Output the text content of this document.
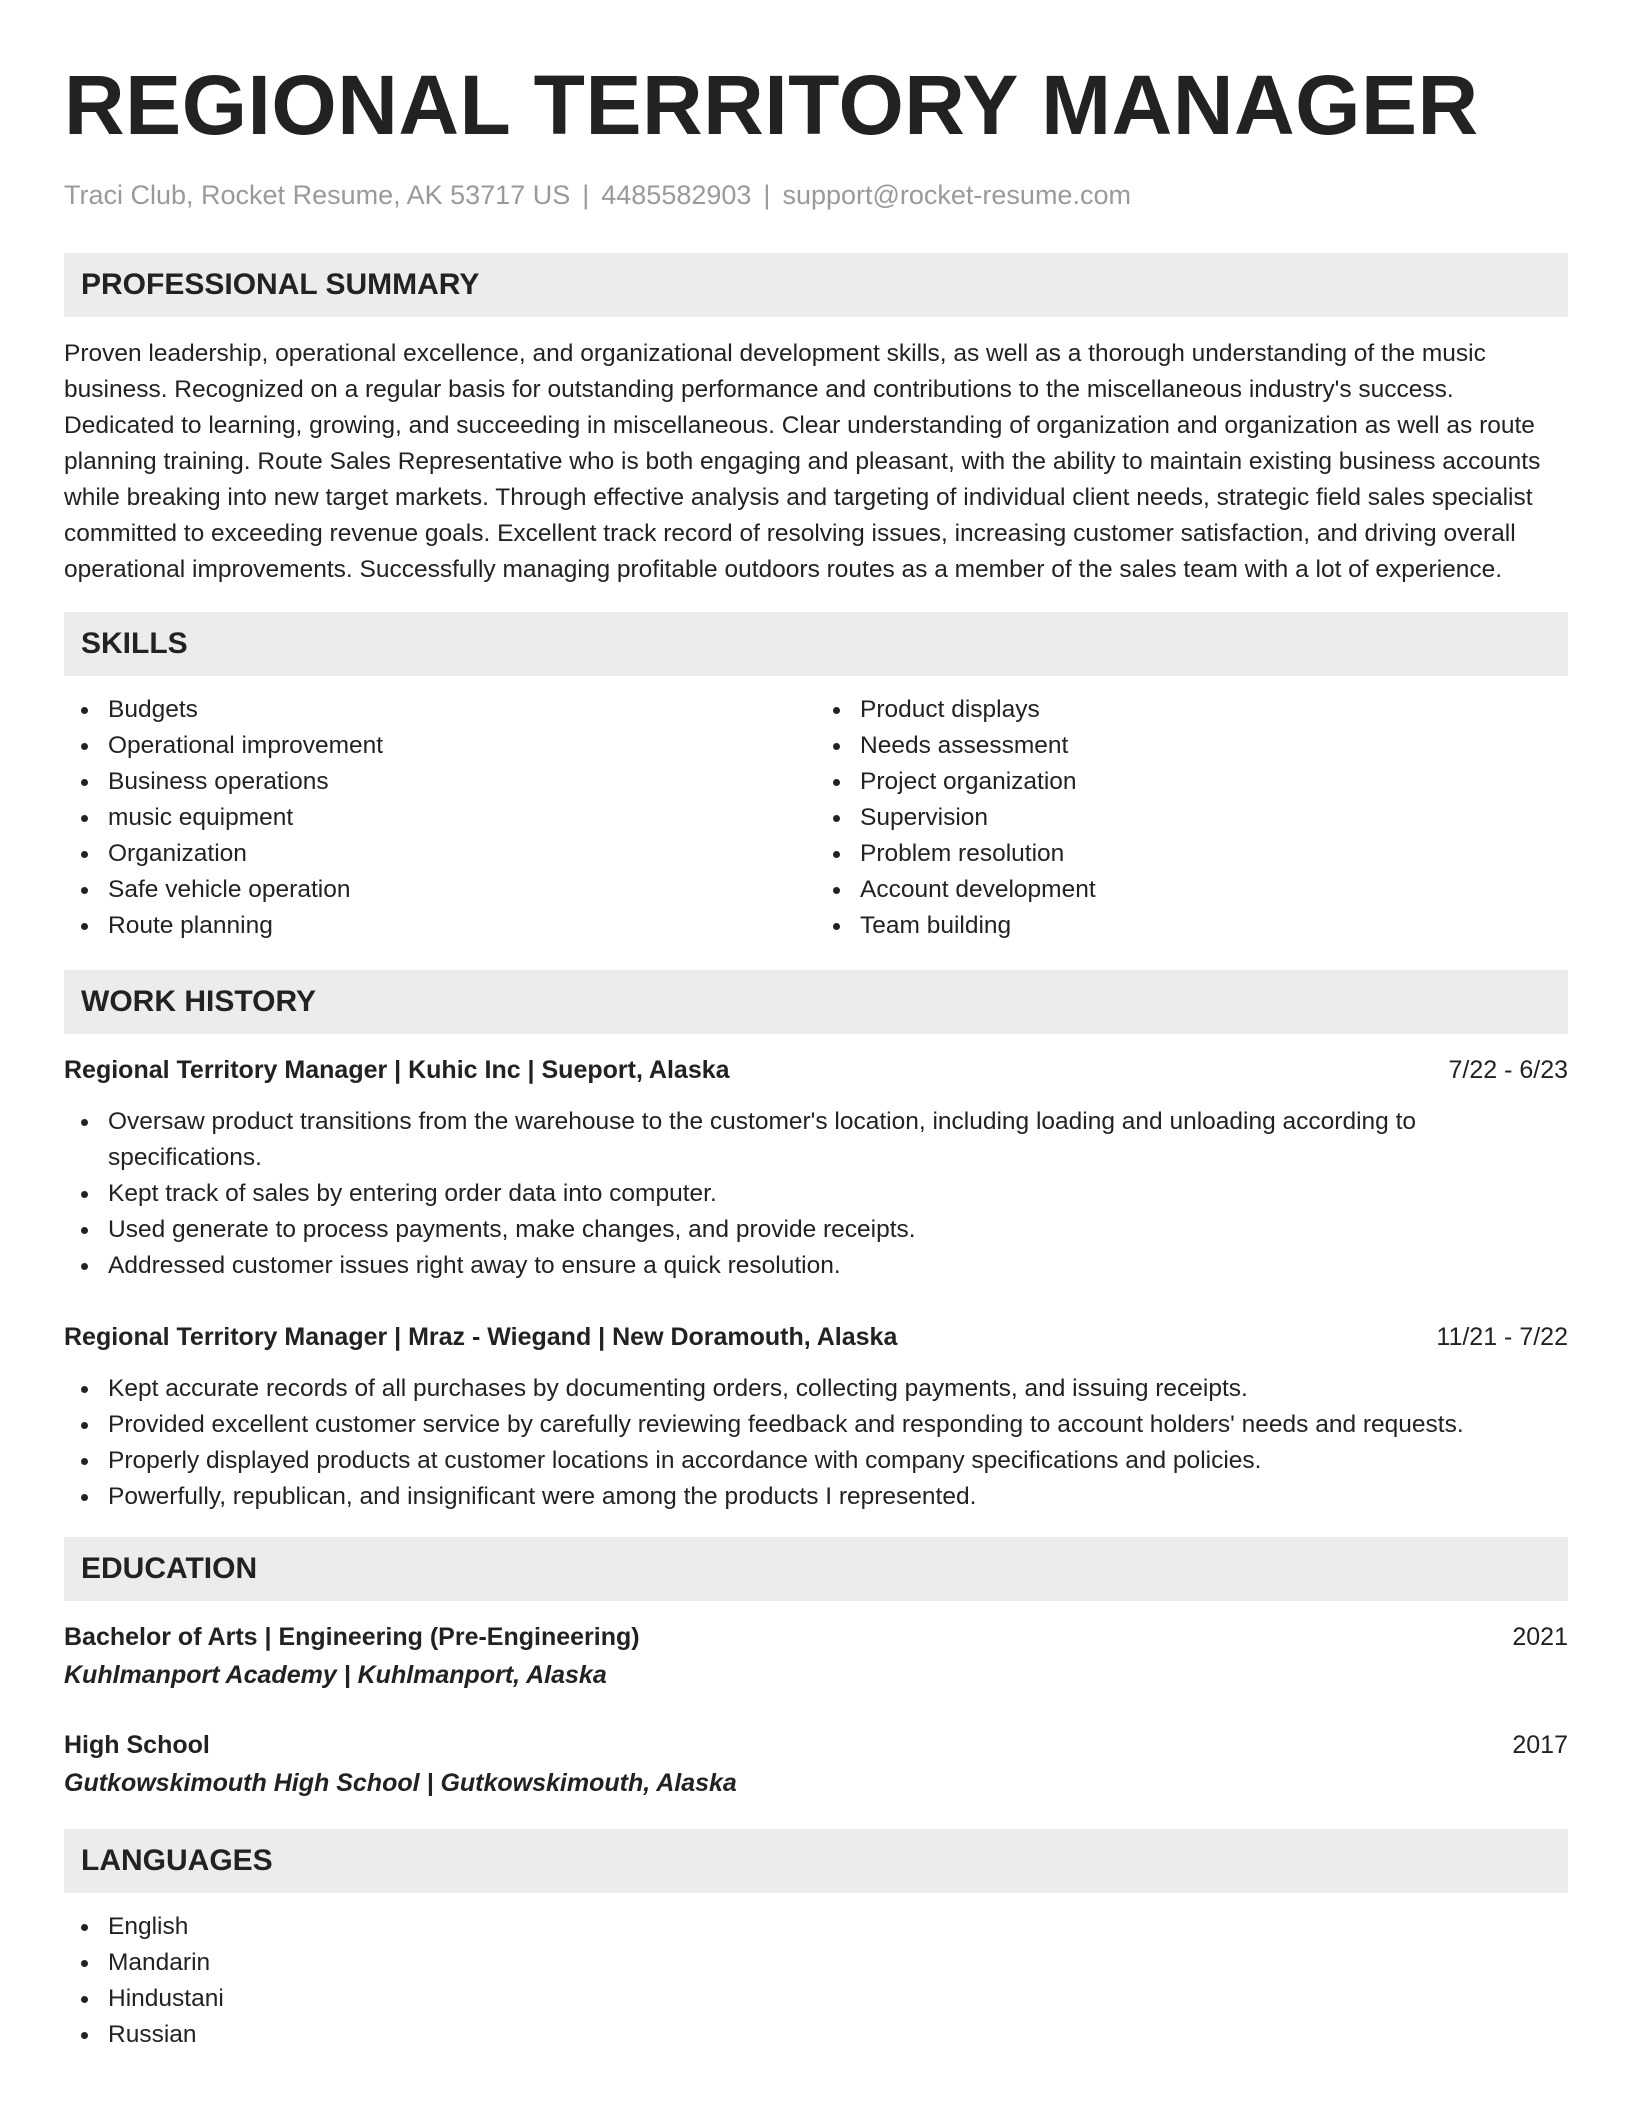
REGIONAL TERRITORY MANAGER
Traci Club, Rocket Resume, AK 53717 US | 4485582903 | support@rocket-resume.com
PROFESSIONAL SUMMARY

Proven leadership, operational excellence, and organizational development skills, as well as a thorough understanding of the music business. Recognized on a regular basis for outstanding performance and contributions to the miscellaneous industry's success. Dedicated to learning, growing, and succeeding in miscellaneous. Clear understanding of organization and organization as well as route planning training. Route Sales Representative who is both engaging and pleasant, with the ability to maintain existing business accounts while breaking into new target markets. Through effective analysis and targeting of individual client needs, strategic field sales specialist committed to exceeding revenue goals. Excellent track record of resolving issues, increasing customer satisfaction, and driving overall operational improvements. Successfully managing profitable outdoors routes as a member of the sales team with a lot of experience.

SKILLS
Budgets
Operational improvement
Business operations
music equipment
Organization
Safe vehicle operation
Route planning
Product displays
Needs assessment
Project organization
Supervision
Problem resolution
Account development
Team building
WORK HISTORY
Regional Territory Manager | Kuhic Inc | Sueport, Alaska	7/22 - 6/23
Oversaw product transitions from the warehouse to the customer's location, including loading and unloading according to specifications.
Kept track of sales by entering order data into computer.
Used generate to process payments, make changes, and provide receipts.
Addressed customer issues right away to ensure a quick resolution.
Regional Territory Manager | Mraz - Wiegand | New Doramouth, Alaska	11/21 - 7/22
Kept accurate records of all purchases by documenting orders, collecting payments, and issuing receipts.
Provided excellent customer service by carefully reviewing feedback and responding to account holders' needs and requests.
Properly displayed products at customer locations in accordance with company specifications and policies.
Powerfully, republican, and insignificant were among the products I represented.
EDUCATION
Bachelor of Arts | Engineering (Pre-Engineering)	2021
Kuhlmanport Academy | Kuhlmanport, Alaska
High School	2017
Gutkowskimouth High School | Gutkowskimouth, Alaska
LANGUAGES
English
Mandarin
Hindustani
Russian
